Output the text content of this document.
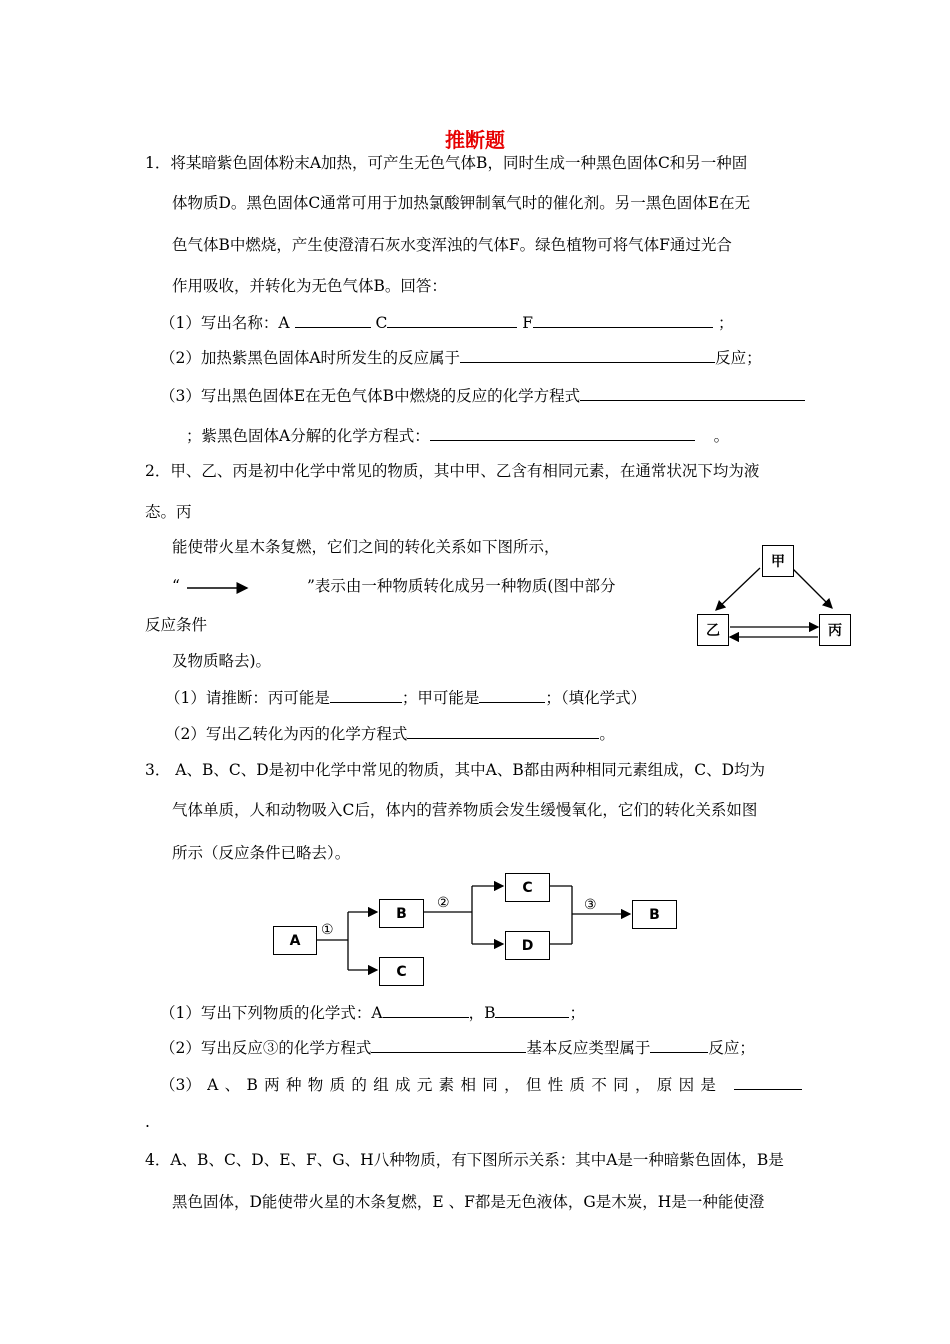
推断题
1．将某暗紫色固体粉末A加热，可产生无色气体B，同时生成一种黑色固体C和另一种固
体物质D。黑色固体C通常可用于加热氯酸钾制氧气时的催化剂。另一黑色固体E在无
色气体B中燃烧，产生使澄清石灰水变浑浊的气体F。绿色植物可将气体F通过光合
作用吸收，并转化为无色气体B。回答：
（1）写出名称：A	C	F	；
（2）加热紫黑色固体A时所发生的反应属于	反应；
（3）写出黑色固体E在无色气体B中燃烧的反应的化学方程式
；紫黑色固体A分解的化学方程式：	。
2．甲、乙、丙是初中化学中常见的物质，其中甲、乙含有相同元素，在通常状况下均为液
态。丙
能使带火星木条复燃，它们之间的转化关系如下图所示，
“	”表示由一种物质转化成另一种物质(图中部分
反应条件
及物质略去)。
（1）请推断：丙可能是	；甲可能是	；（填化学式）
（2）写出乙转化为丙的化学方程式	。
3． A、B、C、D是初中化学中常见的物质，其中A、B都由两种相同元素组成，C、D均为
气体单质，人和动物吸入C后，体内的营养物质会发生缓慢氧化，它们的转化关系如图
所示（反应条件已略去）。
（1）写出下列物质的化学式：A	，B	；
（2）写出反应③的化学方程式	基本反应类型属于	反应；
（3） A 、 B 两 种 物 质 的 组 成 元 素 相 同 ， 但 性 质 不 同 ， 原 因 是
.
4．A、B、C、D、E、F、G、H八种物质，有下图所示关系：其中A是一种暗紫色固体，B是
黑色固体，D能使带火星的木条复燃，E 、F都是无色液体，G是木炭，H是一种能使澄
甲
乙	丙
A
B
C
C
D
B
①
②	③
